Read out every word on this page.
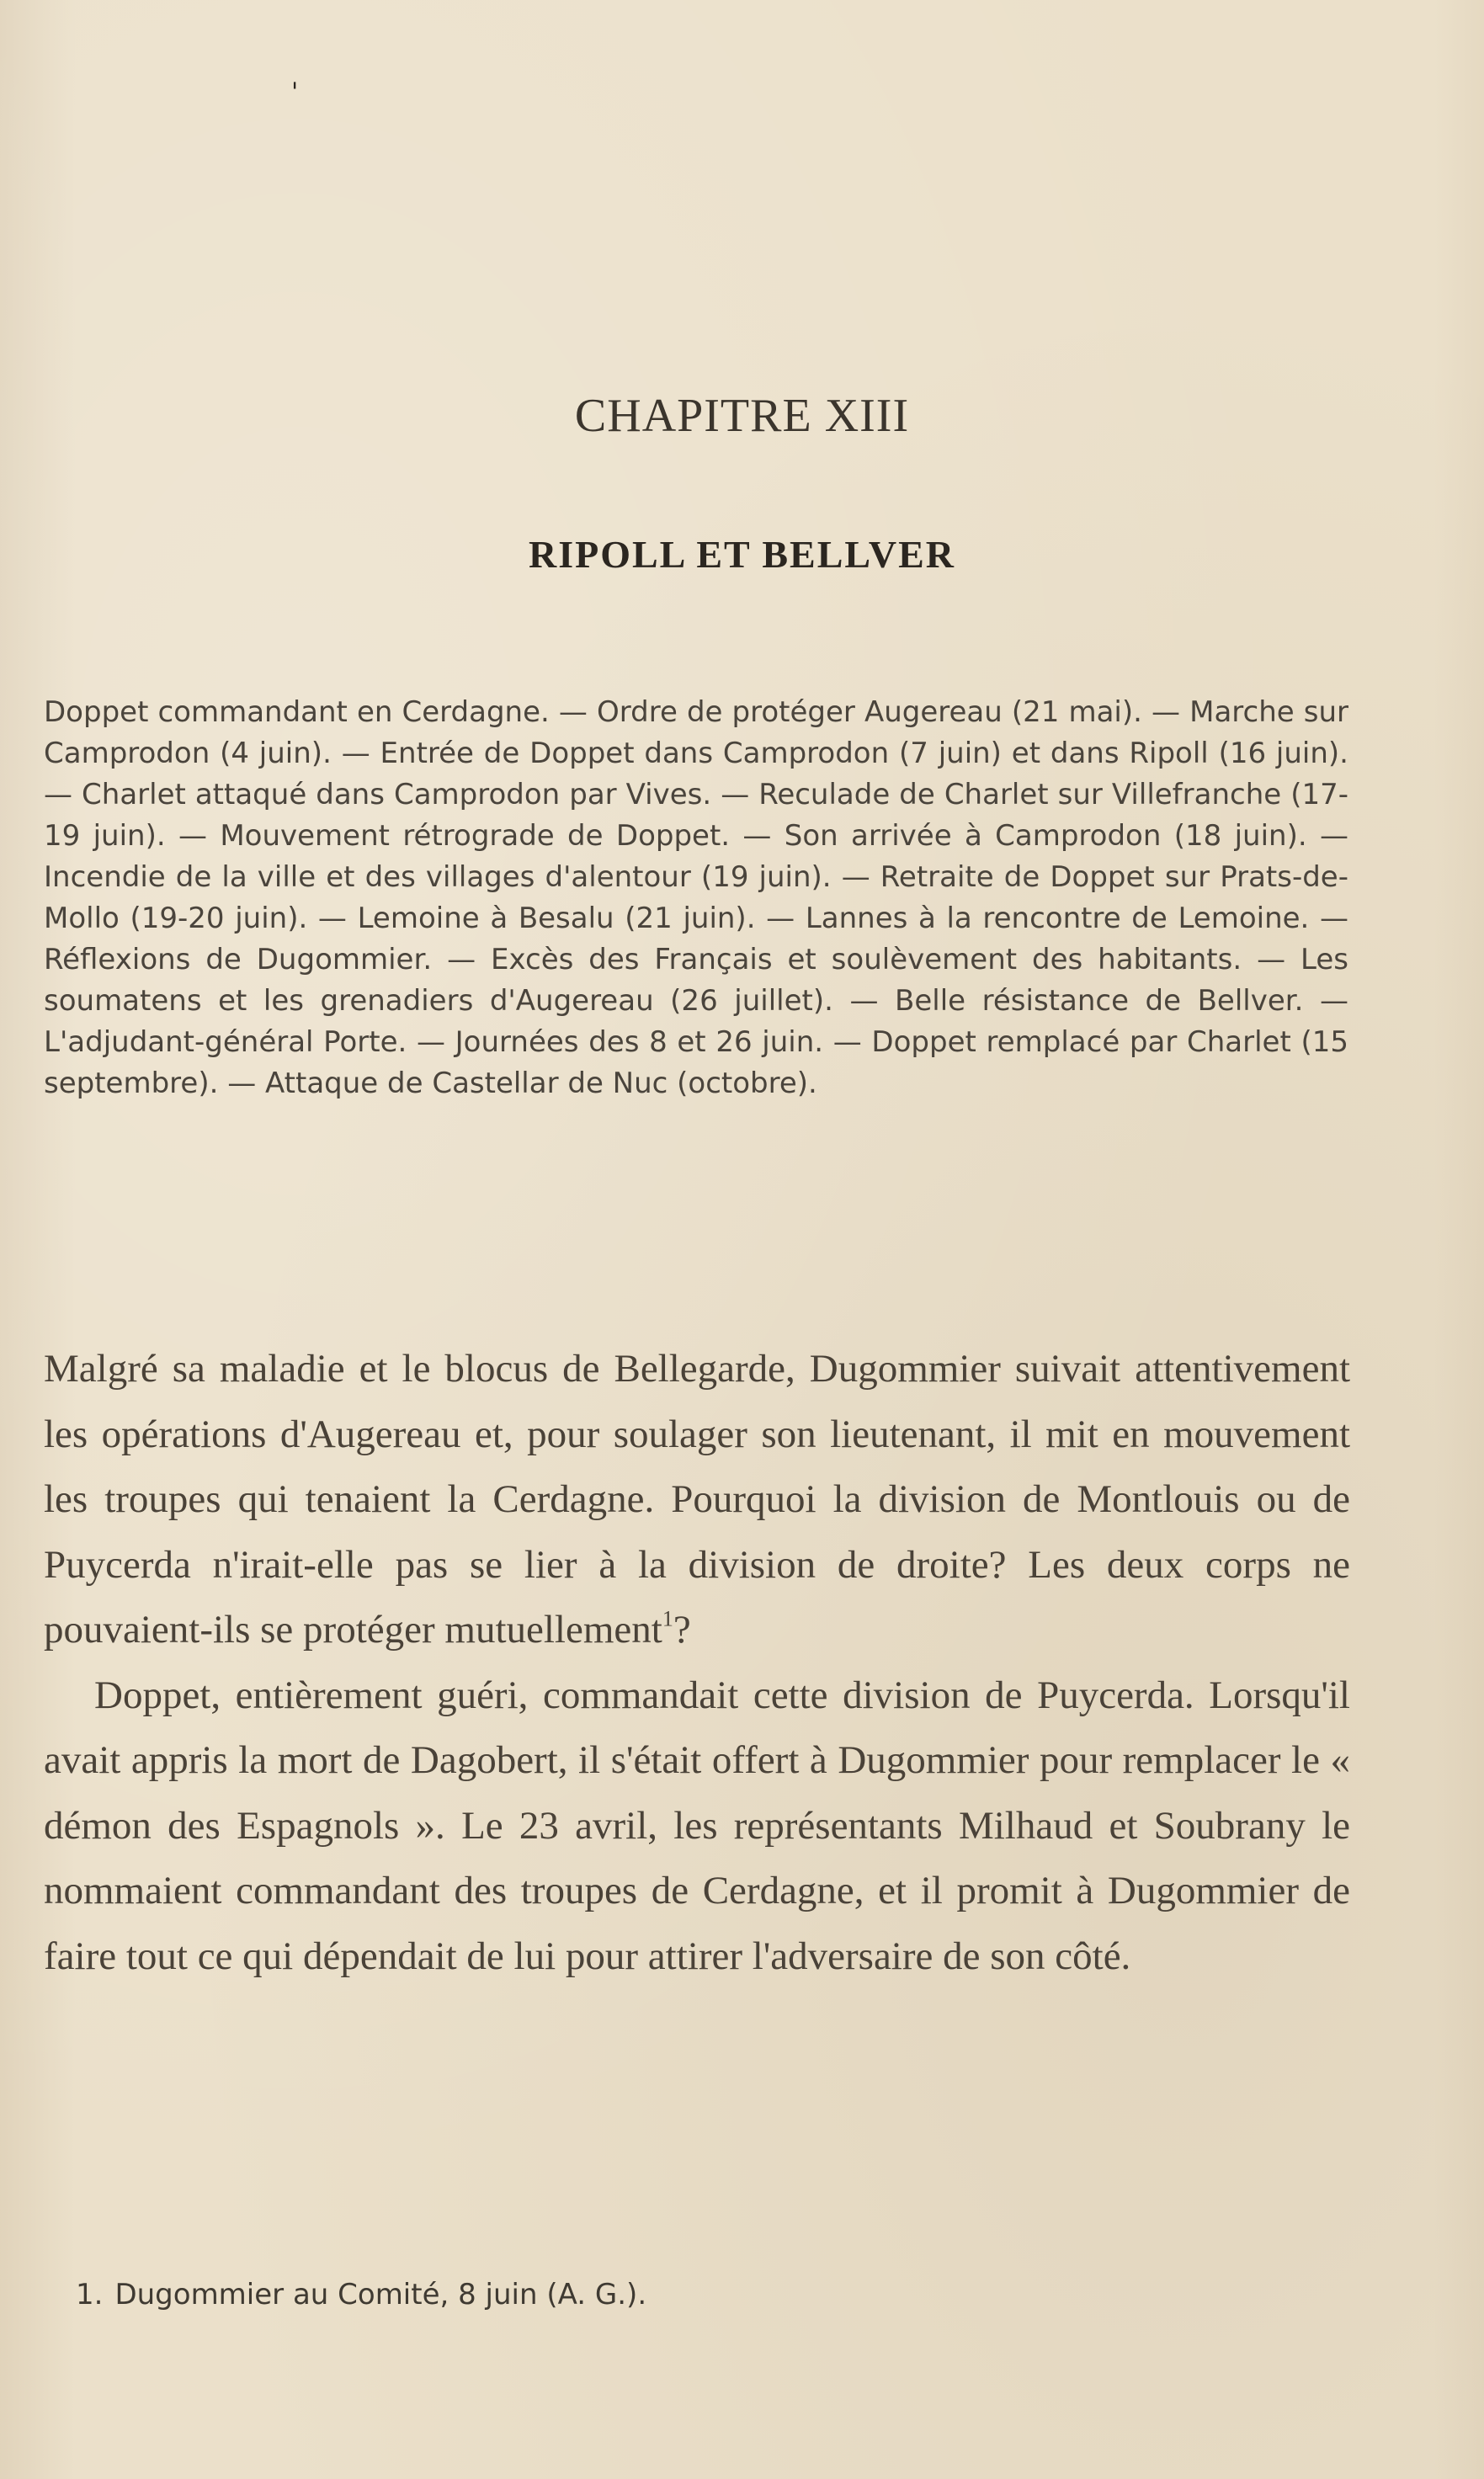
'
CHAPITRE XIII
RIPOLL ET BELLVER

Doppet commandant en Cerdagne. — Ordre de protéger Augereau (21 mai). — Marche sur Camprodon (4 juin). — Entrée de Doppet dans Camprodon (7 juin) et dans Ripoll (16 juin). — Charlet attaqué dans Camprodon par Vives. — Reculade de Charlet sur Villefranche (17-19 juin). — Mouvement rétrograde de Doppet. — Son arrivée à Camprodon (18 juin). — Incendie de la ville et des villages d'alentour (19 juin). — Retraite de Doppet sur Prats-de-Mollo (19-20 juin). — Lemoine à Besalu (21 juin). — Lannes à la rencontre de Lemoine. — Réflexions de Dugommier. — Excès des Français et soulèvement des habitants. — Les soumatens et les grenadiers d'Augereau (26 juillet). — Belle résistance de Bellver. — L'adjudant-général Porte. — Journées des 8 et 26 juin. — Doppet remplacé par Charlet (15 septembre). — Attaque de Castellar de Nuc (octobre).

Malgré sa maladie et le blocus de Bellegarde, Dugommier suivait attentivement les opérations d'Augereau et, pour soulager son lieutenant, il mit en mouvement les troupes qui tenaient la Cerdagne. Pourquoi la division de Montlouis ou de Puycerda n'irait-elle pas se lier à la division de droite? Les deux corps ne pouvaient-ils se protéger mutuellement$^1$?

Doppet, entièrement guéri, commandait cette division de Puycerda. Lorsqu'il avait appris la mort de Dagobert, il s'était offert à Dugommier pour remplacer le « démon des Espagnols ». Le 23 avril, les représentants Milhaud et Soubrany le nommaient commandant des troupes de Cerdagne, et il promit à Dugommier de faire tout ce qui dépendait de lui pour attirer l'adversaire de son côté.

1. Dugommier au Comité, 8 juin (A. G.).
